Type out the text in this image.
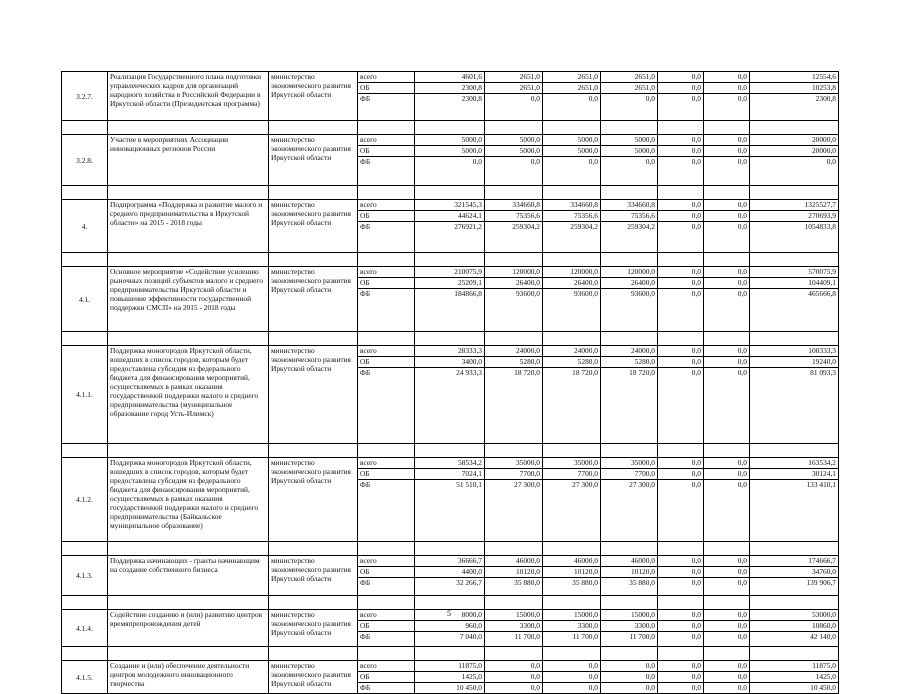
3.2.7.	Реализация Государственного плана подготовки управленческих кадров для организаций народного хозяйства в Российской Федерации в Иркутской области (Президентская программа)	министерство экономического развития Иркутской области	всего	4601,6	2651,0	2651,0	2651,0	0,0	0,0	12554,6
			ОБ	2300,8	2651,0	2651,0	2651,0	0,0	0,0	10253,8
			ФБ	2300,8	0,0	0,0	0,0	0,0	0,0	2300,8

3.2.8.	Участие в мероприятиях Ассоциации инновационных регионов России	министерство экономического развития Иркутской области	всего	5000,0	5000,0	5000,0	5000,0	0,0	0,0	20000,0
			ОБ	5000,0	5000,0	5000,0	5000,0	0,0	0,0	20000,0
			ФБ	0,0	0,0	0,0	0,0	0,0	0,0	0,0

4.	Подпрограмма «Поддержка и развитие малого и среднего предпринимательства в Иркутской области» на 2015 - 2018 годы	министерство экономического развития Иркутской области	всего	321545,3	334660,8	334660,8	334660,8	0,0	0,0	1325527,7
			ОБ	44624,1	75356,6	75356,6	75356,6	0,0	0,0	270693,9
			ФБ	276921,2	259304,2	259304,2	259304,2	0,0	0,0	1054833,8

4.1.	Основное мероприятие «Содействие усилению рыночных позиций субъектов малого и среднего предпринимательства Иркутской области и повышение эффективности государственной поддержки СМСП» на 2015 - 2018 годы	министерство экономического развития Иркутской области	всего	210075,9	120000,0	120000,0	120000,0	0,0	0,0	570075,9
			ОБ	25209,1	26400,0	26400,0	26400,0	0,0	0,0	104409,1
			ФБ	184866,8	93600,0	93600,0	93600,0	0,0	0,0	465666,8

4.1.1.	Поддержка моногородов Иркутской области, вошедших в список городов, которым будет предоставлена субсидия из федерального бюджета для финансирования мероприятий, осуществляемых в рамках оказания государственной поддержки малого и среднего предпринимательства (муниципальное образование город Усть-Илимск)	министерство экономического развития Иркутской области	всего	28333,3	24000,0	24000,0	24000,0	0,0	0,0	100333,3
			ОБ	3400,0	5280,0	5280,0	5280,0	0,0	0,0	19240,0
			ФБ	24 933,3	18 720,0	18 720,0	18 720,0	0,0	0,0	81 093,3

4.1.2.	Поддержка моногородов Иркутской области, вошедших в список городов, которым будет предоставлена субсидия из федерального бюджета для финансирования мероприятий, осуществляемых в рамках оказания государственной поддержки малого и среднего предпринимательства (Байкальское муниципальное образование)	министерство экономического развития Иркутской области	всего	58534,2	35000,0	35000,0	35000,0	0,0	0,0	163534,2
			ОБ	7024,1	7700,0	7700,0	7700,0	0,0	0,0	30124,1
			ФБ	51 510,1	27 300,0	27 300,0	27 300,0	0,0	0,0	133 410,1

4.1.3.	Поддержка начинающих - гранты начинающим на создание собственного бизнеса	министерство экономического развития Иркутской области	всего	36666,7	46000,0	46000,0	46000,0	0,0	0,0	174666,7
			ОБ	4400,0	10120,0	10120,0	10120,0	0,0	0,0	34760,0
			ФБ	32 266,7	35 880,0	35 880,0	35 880,0	0,0	0,0	139 906,7

4.1.4.	Содействие созданию и (или) развитию центров времяпрепровождения детей	министерство экономического развития Иркутской области	всего	8000,0	15000,0	15000,0	15000,0	0,0	0,0	53000,0
			ОБ	960,0	3300,0	3300,0	3300,0	0,0	0,0	10860,0
			ФБ	7 040,0	11 700,0	11 700,0	11 700,0	0,0	0,0	42 140,0

4.1.5.	Создание и (или) обеспечение деятельности центров молодежного инновационного творчества	министерство экономического развития Иркутской области	всего	11875,0	0,0	0,0	0,0	0,0	0,0	11875,0
			ОБ	1425,0	0,0	0,0	0,0	0,0	0,0	1425,0
			ФБ	10 450,0	0,0	0,0	0,0	0,0	0,0	10 450,0
5
